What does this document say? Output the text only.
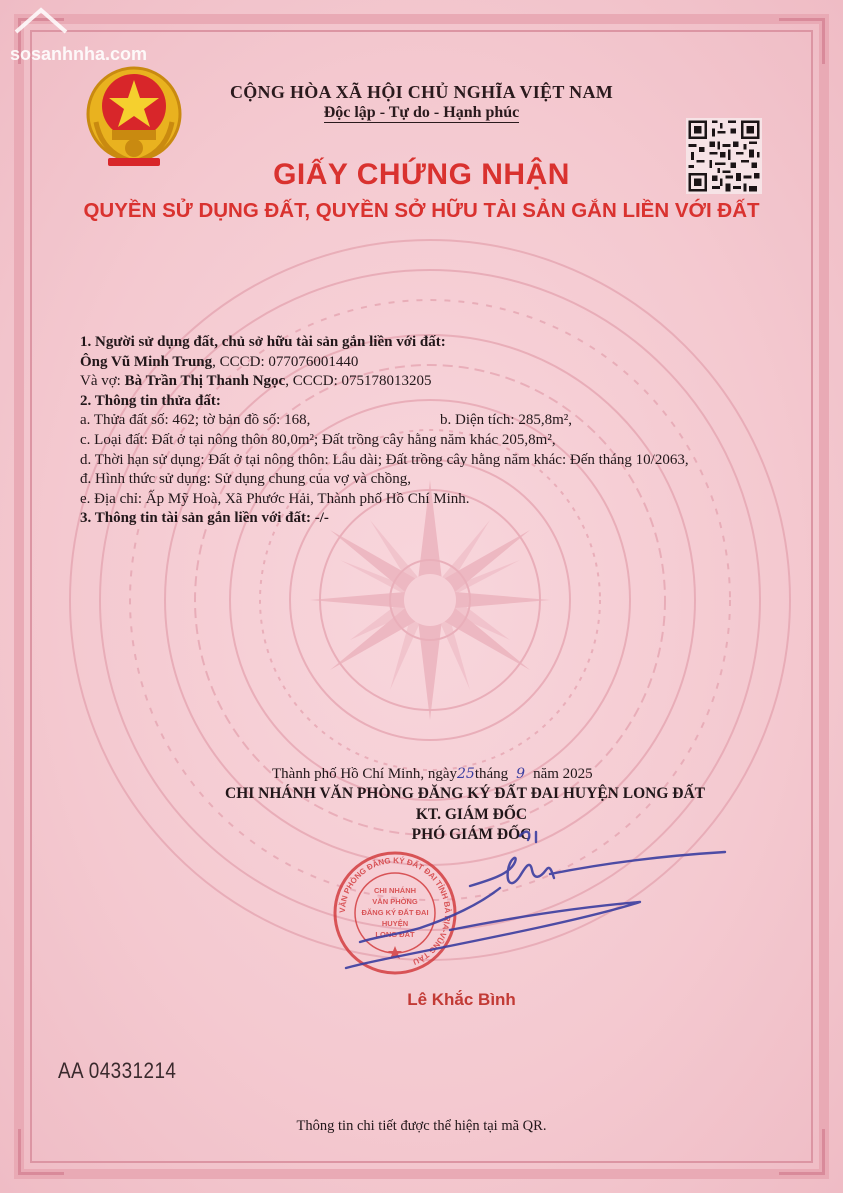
sosanhnha.com
CỘNG HÒA XÃ HỘI CHỦ NGHĨA VIỆT NAM
Độc lập - Tự do - Hạnh phúc
GIẤY CHỨNG NHẬN
QUYỀN SỬ DỤNG ĐẤT, QUYỀN SỞ HỮU TÀI SẢN GẮN LIỀN VỚI ĐẤT
1. Người sử dụng đất, chủ sở hữu tài sản gắn liền với đất:
Ông Vũ Minh Trung, CCCD: 077076001440
Và vợ: Bà Trần Thị Thanh Ngọc, CCCD: 075178013205
2. Thông tin thửa đất:
a. Thửa đất số: 462; tờ bản đồ số: 168,	b. Diện tích: 285,8m²,
c. Loại đất: Đất ở tại nông thôn 80,0m²; Đất trồng cây hằng năm khác 205,8m²,
d. Thời hạn sử dụng: Đất ở tại nông thôn: Lâu dài; Đất trồng cây hằng năm khác: Đến tháng 10/2063,
đ. Hình thức sử dụng: Sử dụng chung của vợ và chồng,
e. Địa chỉ: Ấp Mỹ Hoà, Xã Phước Hải, Thành phố Hồ Chí Minh.
3. Thông tin tài sản gắn liền với đất: -/-
Thành phố Hồ Chí Minh, ngày25tháng 9 năm 2025
CHI NHÁNH VĂN PHÒNG ĐĂNG KÝ ĐẤT ĐAI HUYỆN LONG ĐẤT
KT. GIÁM ĐỐC
PHÓ GIÁM ĐỐC
VĂN PHÒNG ĐĂNG KÝ ĐẤT ĐAI TỈNH BÀ RỊA-VŨNG TÀU
CHI NHÁNH
VĂN PHÒNG
ĐĂNG KÝ ĐẤT ĐAI
HUYỆN
LONG ĐẤT
Lê Khắc Bình
AA 04331214
Thông tin chi tiết được thể hiện tại mã QR.
